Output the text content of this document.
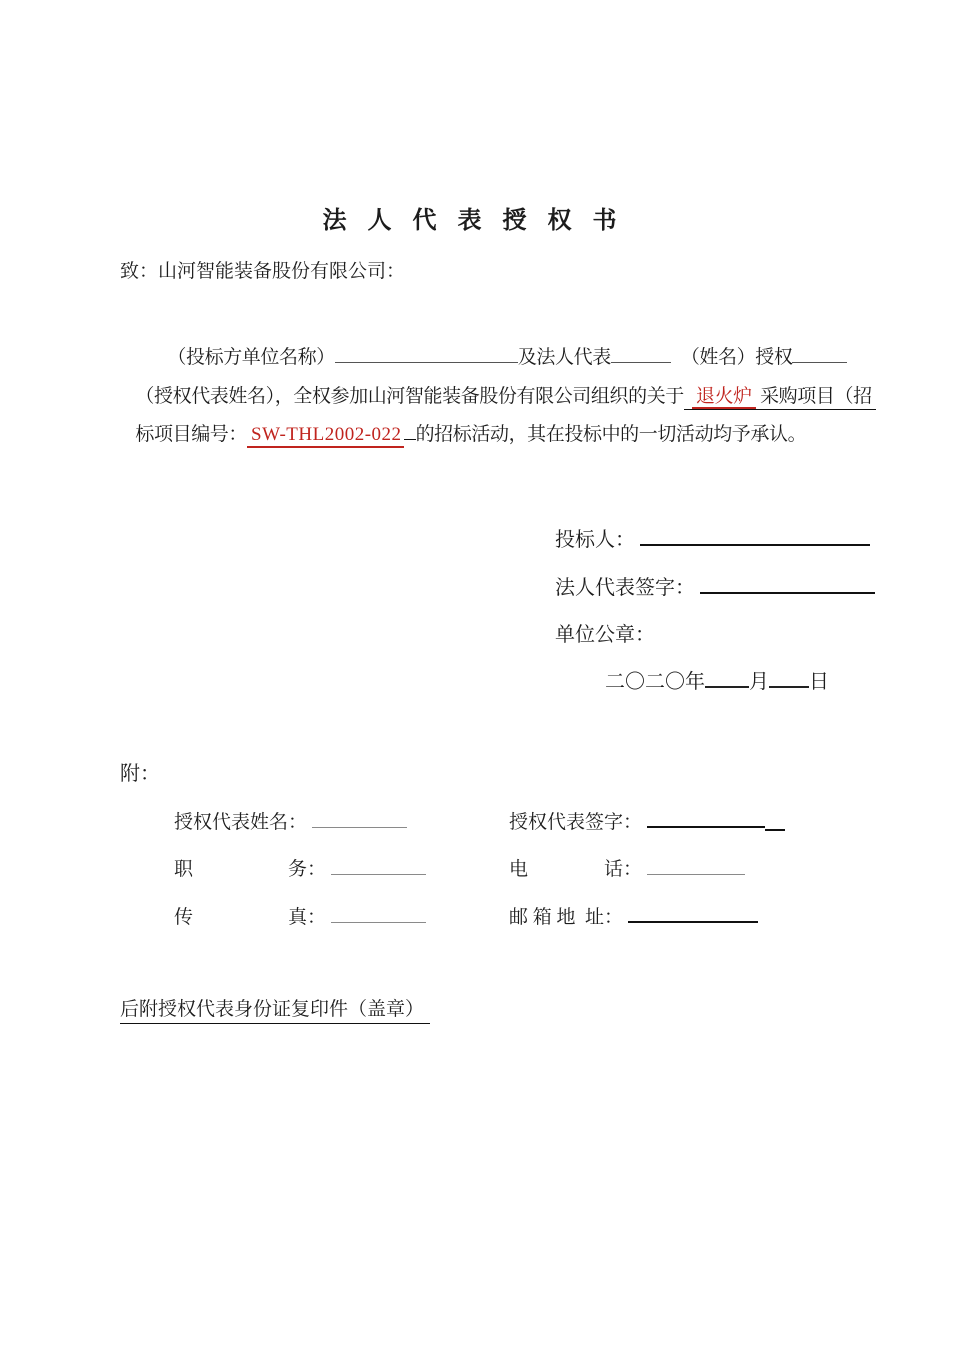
法人代表授权书
致：山河智能装备股份有限公司：

（投标方单位名称）	及法人代表	（姓名）授权

（授权代表姓名），全权参加山河智能装备股份有限公司组织的关于 退火炉 采购项目（招

标项目编号： SW-THL2002-022 的招标活动，其在投标中的一切活动均予承认。

投标人：

法人代表签字：

单位公章：

二〇二〇年 月 日

附：

授权代表姓名：
	授权代表签字：

职　　　　　务：
	电　　　　话：

传　　　　　真：
	邮 箱 地  址：

后附授权代表身份证复印件（盖章）
